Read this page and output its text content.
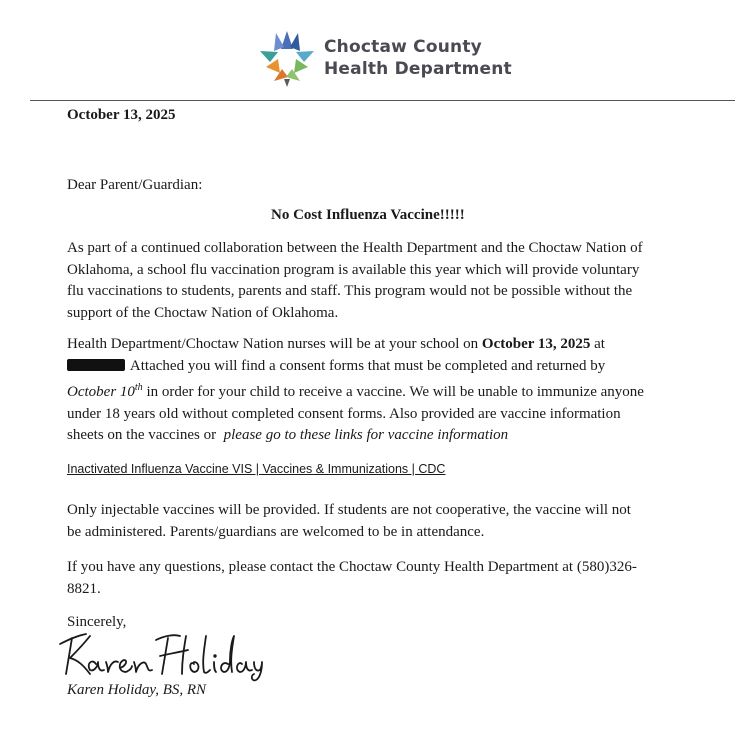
Choctaw County
Health Department
October 13, 2025
Dear Parent/Guardian:
No Cost Influenza Vaccine!!!!!
As part of a continued collaboration between the Health Department and the Choctaw Nation of
Oklahoma, a school flu vaccination program is available this year which will provide voluntary
flu vaccinations to students, parents and staff. This program would not be possible without the
support of the Choctaw Nation of Oklahoma.
Health Department/Choctaw Nation nurses will be at your school on October 13, 2025 at
Attached you will find a consent forms that must be completed and returned by
October 10th in order for your child to receive a vaccine. We will be unable to immunize anyone
under 18 years old without completed consent forms. Also provided are vaccine information
sheets on the vaccines or  please go to these links for vaccine information
Inactivated Influenza Vaccine VIS | Vaccines & Immunizations | CDC
Only injectable vaccines will be provided. If students are not cooperative, the vaccine will not
be administered. Parents/guardians are welcomed to be in attendance.
If you have any questions, please contact the Choctaw County Health Department at (580)326-
8821.
Sincerely,
Karen Holiday, BS, RN
